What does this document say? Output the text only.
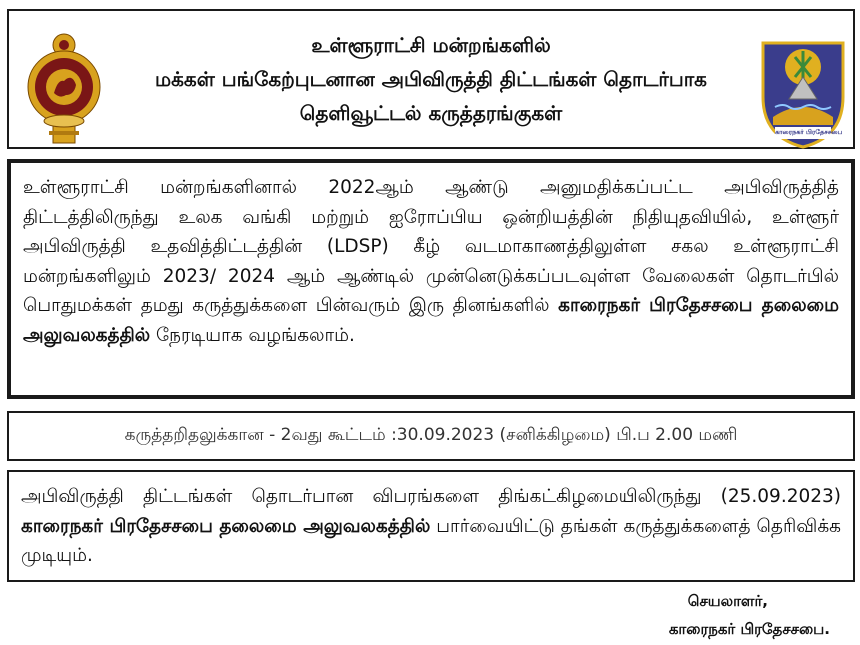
உள்ளூராட்சி மன்றங்களில்
மக்கள் பங்கேற்புடனான அபிவிருத்தி திட்டங்கள் தொடர்பாக
தெளிவூட்டல் கருத்தரங்குகள்
காரைநகர் பிரதேசசபை
உள்ளூராட்சி மன்றங்களினால் 2022ஆம் ஆண்டு அனுமதிக்கப்பட்ட அபிவிருத்தித் திட்டத்திலிருந்து உலக வங்கி மற்றும் ஐரோப்பிய ஒன்றியத்தின் நிதியுதவியில், உள்ளூர் அபிவிருத்தி உதவித்திட்டத்தின் (LDSP) கீழ் வடமாகாணத்திலுள்ள சகல உள்ளூராட்சி மன்றங்களிலும் 2023/ 2024 ஆம் ஆண்டில் முன்னெடுக்கப்படவுள்ள வேலைகள் தொடர்பில் பொதுமக்கள் தமது கருத்துக்களை பின்வரும் இரு தினங்களில் காரைநகர் பிரதேசசபை தலைமை அலுவலகத்தில் நேரடியாக வழங்கலாம்.
கருத்தறிதலுக்கான - 2வது கூட்டம் :30.09.2023 (சனிக்கிழமை) பி.ப 2.00 மணி
அபிவிருத்தி திட்டங்கள் தொடர்பான விபரங்களை திங்கட்கிழமையிலிருந்து (25.09.2023) காரைநகர் பிரதேசசபை தலைமை அலுவலகத்தில் பார்வையிட்டு தங்கள் கருத்துக்களைத் தெரிவிக்க முடியும்.
செயலாளர்,
காரைநகர் பிரதேசசபை.
